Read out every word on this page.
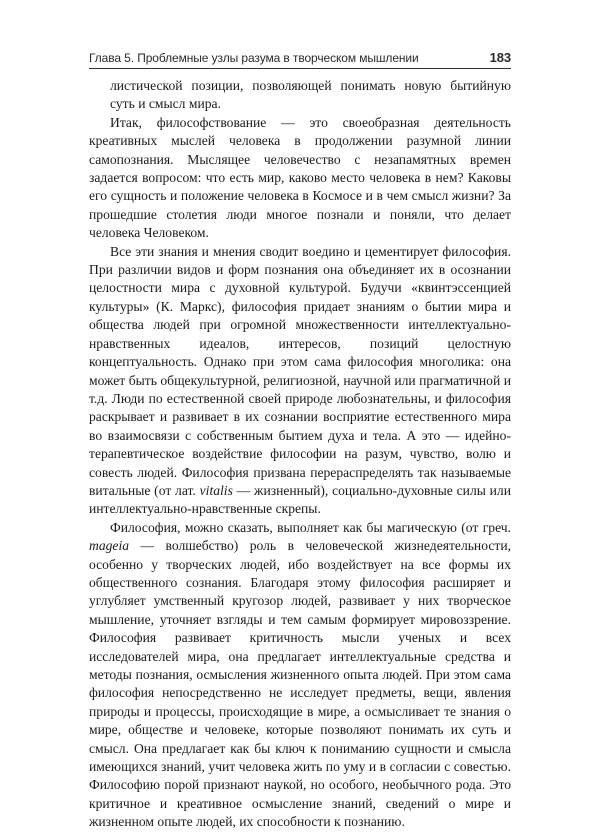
Глава 5. Проблемные узлы разума в творческом мышлении	183

листической позиции, позволяющей понимать новую бытийную суть и смысл мира.

Итак, философствование — это своеобразная деятельность креативных мыслей человека в продолжении разумной линии самопознания. Мыслящее человечество с незапамятных времен задается вопросом: что есть мир, каково место человека в нем? Каковы его сущность и положение человека в Космосе и в чем смысл жизни? За прошедшие столетия люди многое познали и поняли, что делает человека Человеком.

Все эти знания и мнения сводит воедино и цементирует философия. При различии видов и форм познания она объединяет их в осознании целостности мира с духовной культурой. Будучи «квинтэссенцией культуры» (К. Маркс), философия придает знаниям о бытии мира и общества людей при огромной множественности интеллектуально-нравственных идеалов, интересов, позиций целостную концептуальность. Однако при этом сама философия многолика: она может быть общекультурной, религиозной, научной или прагматичной и т.д. Люди по естественной своей природе любознательны, и философия раскрывает и развивает в их сознании восприятие естественного мира во взаимосвязи с собственным бытием духа и тела. А это — идейно-терапевтическое воздействие философии на разум, чувство, волю и совесть людей. Философия призвана перераспределять так называемые витальные (от лат. vitalis — жизненный), социально-духовные силы или интеллектуально-нравственные скрепы.

Философия, можно сказать, выполняет как бы магическую (от греч. mageia — волшебство) роль в человеческой жизнедеятельности, особенно у творческих людей, ибо воздействует на все формы их общественного сознания. Благодаря этому философия расширяет и углубляет умственный кругозор людей, развивает у них творческое мышление, уточняет взгляды и тем самым формирует мировоззрение. Философия развивает критичность мысли ученых и всех исследователей мира, она предлагает интеллектуальные средства и методы познания, осмысления жизненного опыта людей. При этом сама философия непосредственно не исследует предметы, вещи, явления природы и процессы, происходящие в мире, а осмысливает те знания о мире, обществе и человеке, которые позволяют понимать их суть и смысл. Она предлагает как бы ключ к пониманию сущности и смысла имеющихся знаний, учит человека жить по уму и в согласии с совестью. Философию порой признают наукой, но особого, необычного рода. Это критичное и креативное осмысление знаний, сведений о мире и жизненном опыте людей, их способности к познанию.
